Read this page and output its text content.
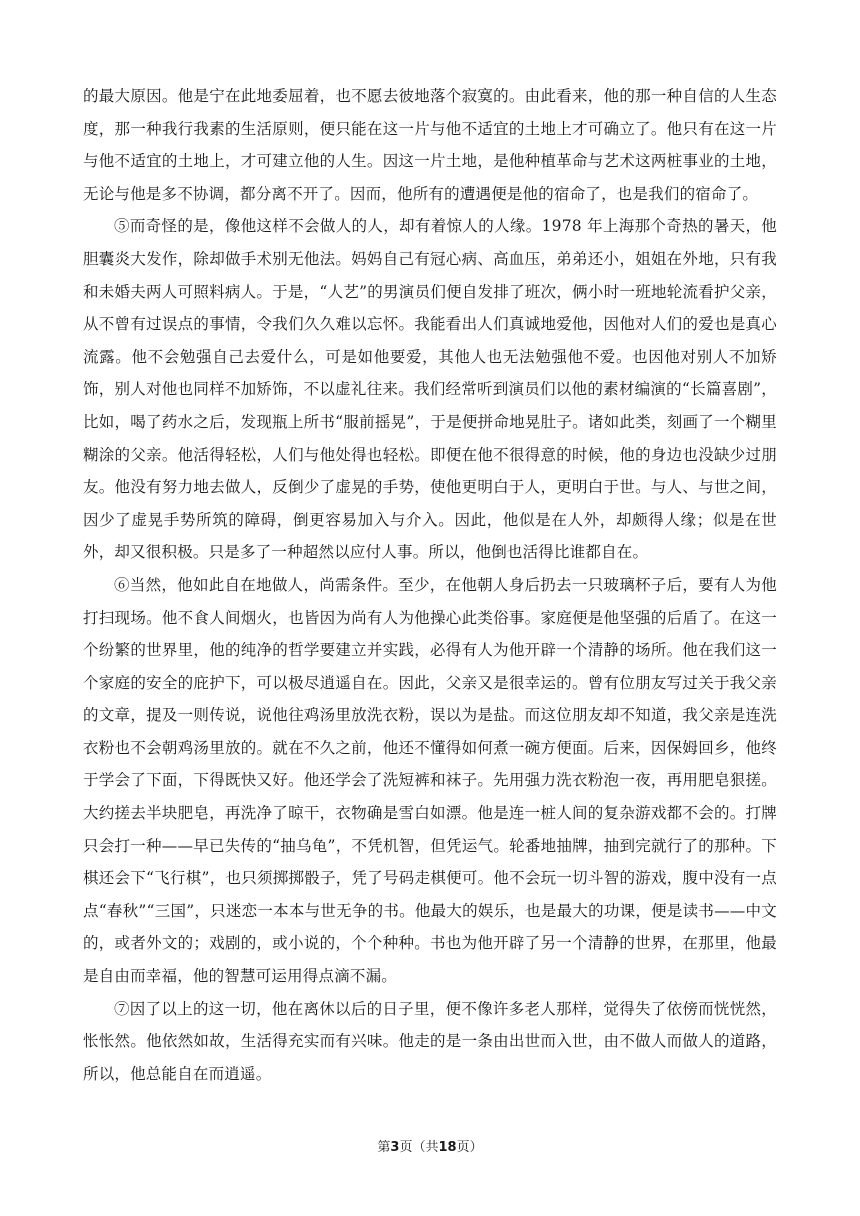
的最大原因。他是宁在此地委屈着，也不愿去彼地落个寂寞的。由此看来，他的那一种自信的人生态度，那一种我行我素的生活原则，便只能在这一片与他不适宜的土地上才可确立了。他只有在这一片与他不适宜的土地上，才可建立他的人生。因这一片土地，是他种植革命与艺术这两桩事业的土地，无论与他是多不协调，都分离不开了。因而，他所有的遭遇便是他的宿命了，也是我们的宿命了。

⑤而奇怪的是，像他这样不会做人的人，却有着惊人的人缘。1978 年上海那个奇热的暑天，他胆囊炎大发作，除却做手术别无他法。妈妈自己有冠心病、高血压，弟弟还小，姐姐在外地，只有我和未婚夫两人可照料病人。于是，“人艺”的男演员们便自发排了班次，俩小时一班地轮流看护父亲，从不曾有过误点的事情，令我们久久难以忘怀。我能看出人们真诚地爱他，因他对人们的爱也是真心流露。他不会勉强自己去爱什么，可是如他要爱，其他人也无法勉强他不爱。也因他对别人不加矫饰，别人对他也同样不加矫饰，不以虚礼往来。我们经常听到演员们以他的素材编演的“长篇喜剧”，比如，喝了药水之后，发现瓶上所书“服前摇晃”，于是便拼命地晃肚子。诸如此类，刻画了一个糊里糊涂的父亲。他活得轻松，人们与他处得也轻松。即便在他不很得意的时候，他的身边也没缺少过朋友。他没有努力地去做人，反倒少了虚晃的手势，使他更明白于人，更明白于世。与人、与世之间，因少了虚晃手势所筑的障碍，倒更容易加入与介入。因此，他似是在人外，却颇得人缘；似是在世外，却又很积极。只是多了一种超然以应付人事。所以，他倒也活得比谁都自在。

⑥当然，他如此自在地做人，尚需条件。至少，在他朝人身后扔去一只玻璃杯子后，要有人为他打扫现场。他不食人间烟火，也皆因为尚有人为他操心此类俗事。家庭便是他坚强的后盾了。在这一个纷繁的世界里，他的纯净的哲学要建立并实践，必得有人为他开辟一个清静的场所。他在我们这一个家庭的安全的庇护下，可以极尽逍遥自在。因此，父亲又是很幸运的。曾有位朋友写过关于我父亲的文章，提及一则传说，说他往鸡汤里放洗衣粉，误以为是盐。而这位朋友却不知道，我父亲是连洗衣粉也不会朝鸡汤里放的。就在不久之前，他还不懂得如何煮一碗方便面。后来，因保姆回乡，他终于学会了下面，下得既快又好。他还学会了洗短裤和袜子。先用强力洗衣粉泡一夜，再用肥皂狠搓。大约搓去半块肥皂，再洗净了晾干，衣物确是雪白如漂。他是连一桩人间的复杂游戏都不会的。打牌只会打一种——早已失传的“抽乌龟”，不凭机智，但凭运气。轮番地抽牌，抽到完就行了的那种。下棋还会下“飞行棋”，也只须掷掷骰子，凭了号码走棋便可。他不会玩一切斗智的游戏，腹中没有一点点“春秋”“三国”，只迷恋一本本与世无争的书。他最大的娱乐，也是最大的功课，便是读书——中文的，或者外文的；戏剧的，或小说的，个个种种。书也为他开辟了另一个清静的世界，在那里，他最是自由而幸福，他的智慧可运用得点滴不漏。

⑦因了以上的这一切，他在离休以后的日子里，便不像许多老人那样，觉得失了依傍而恍恍然，怅怅然。他依然如故，生活得充实而有兴味。他走的是一条由出世而入世，由不做人而做人的道路，所以，他总能自在而逍遥。

第3页（共18页）
